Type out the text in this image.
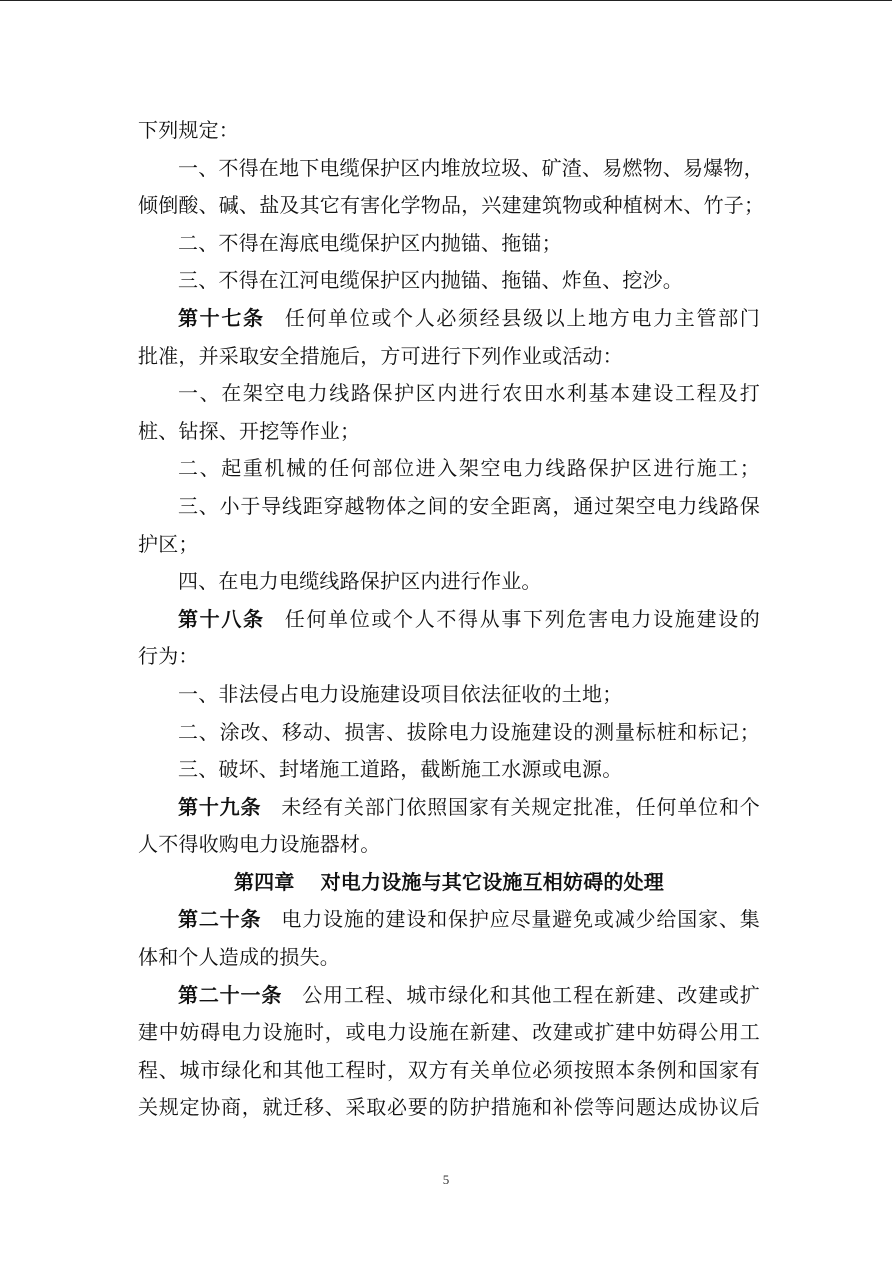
下列规定：
一、不得在地下电缆保护区内堆放垃圾、矿渣、易燃物、易爆物，
倾倒酸、碱、盐及其它有害化学物品，兴建建筑物或种植树木、竹子；
二、不得在海底电缆保护区内抛锚、拖锚；
三、不得在江河电缆保护区内抛锚、拖锚、炸鱼、挖沙。
第十七条 任何单位或个人必须经县级以上地方电力主管部门
批准，并采取安全措施后，方可进行下列作业或活动：
一、在架空电力线路保护区内进行农田水利基本建设工程及打
桩、钻探、开挖等作业；
二、起重机械的任何部位进入架空电力线路保护区进行施工；
三、小于导线距穿越物体之间的安全距离，通过架空电力线路保
护区；
四、在电力电缆线路保护区内进行作业。
第十八条 任何单位或个人不得从事下列危害电力设施建设的
行为：
一、非法侵占电力设施建设项目依法征收的土地；
二、涂改、移动、损害、拔除电力设施建设的测量标桩和标记；
三、破坏、封堵施工道路，截断施工水源或电源。
第十九条 未经有关部门依照国家有关规定批准，任何单位和个
人不得收购电力设施器材。
第四章 对电力设施与其它设施互相妨碍的处理
第二十条 电力设施的建设和保护应尽量避免或减少给国家、集
体和个人造成的损失。
第二十一条 公用工程、城市绿化和其他工程在新建、改建或扩
建中妨碍电力设施时，或电力设施在新建、改建或扩建中妨碍公用工
程、城市绿化和其他工程时，双方有关单位必须按照本条例和国家有
关规定协商，就迁移、采取必要的防护措施和补偿等问题达成协议后
5
